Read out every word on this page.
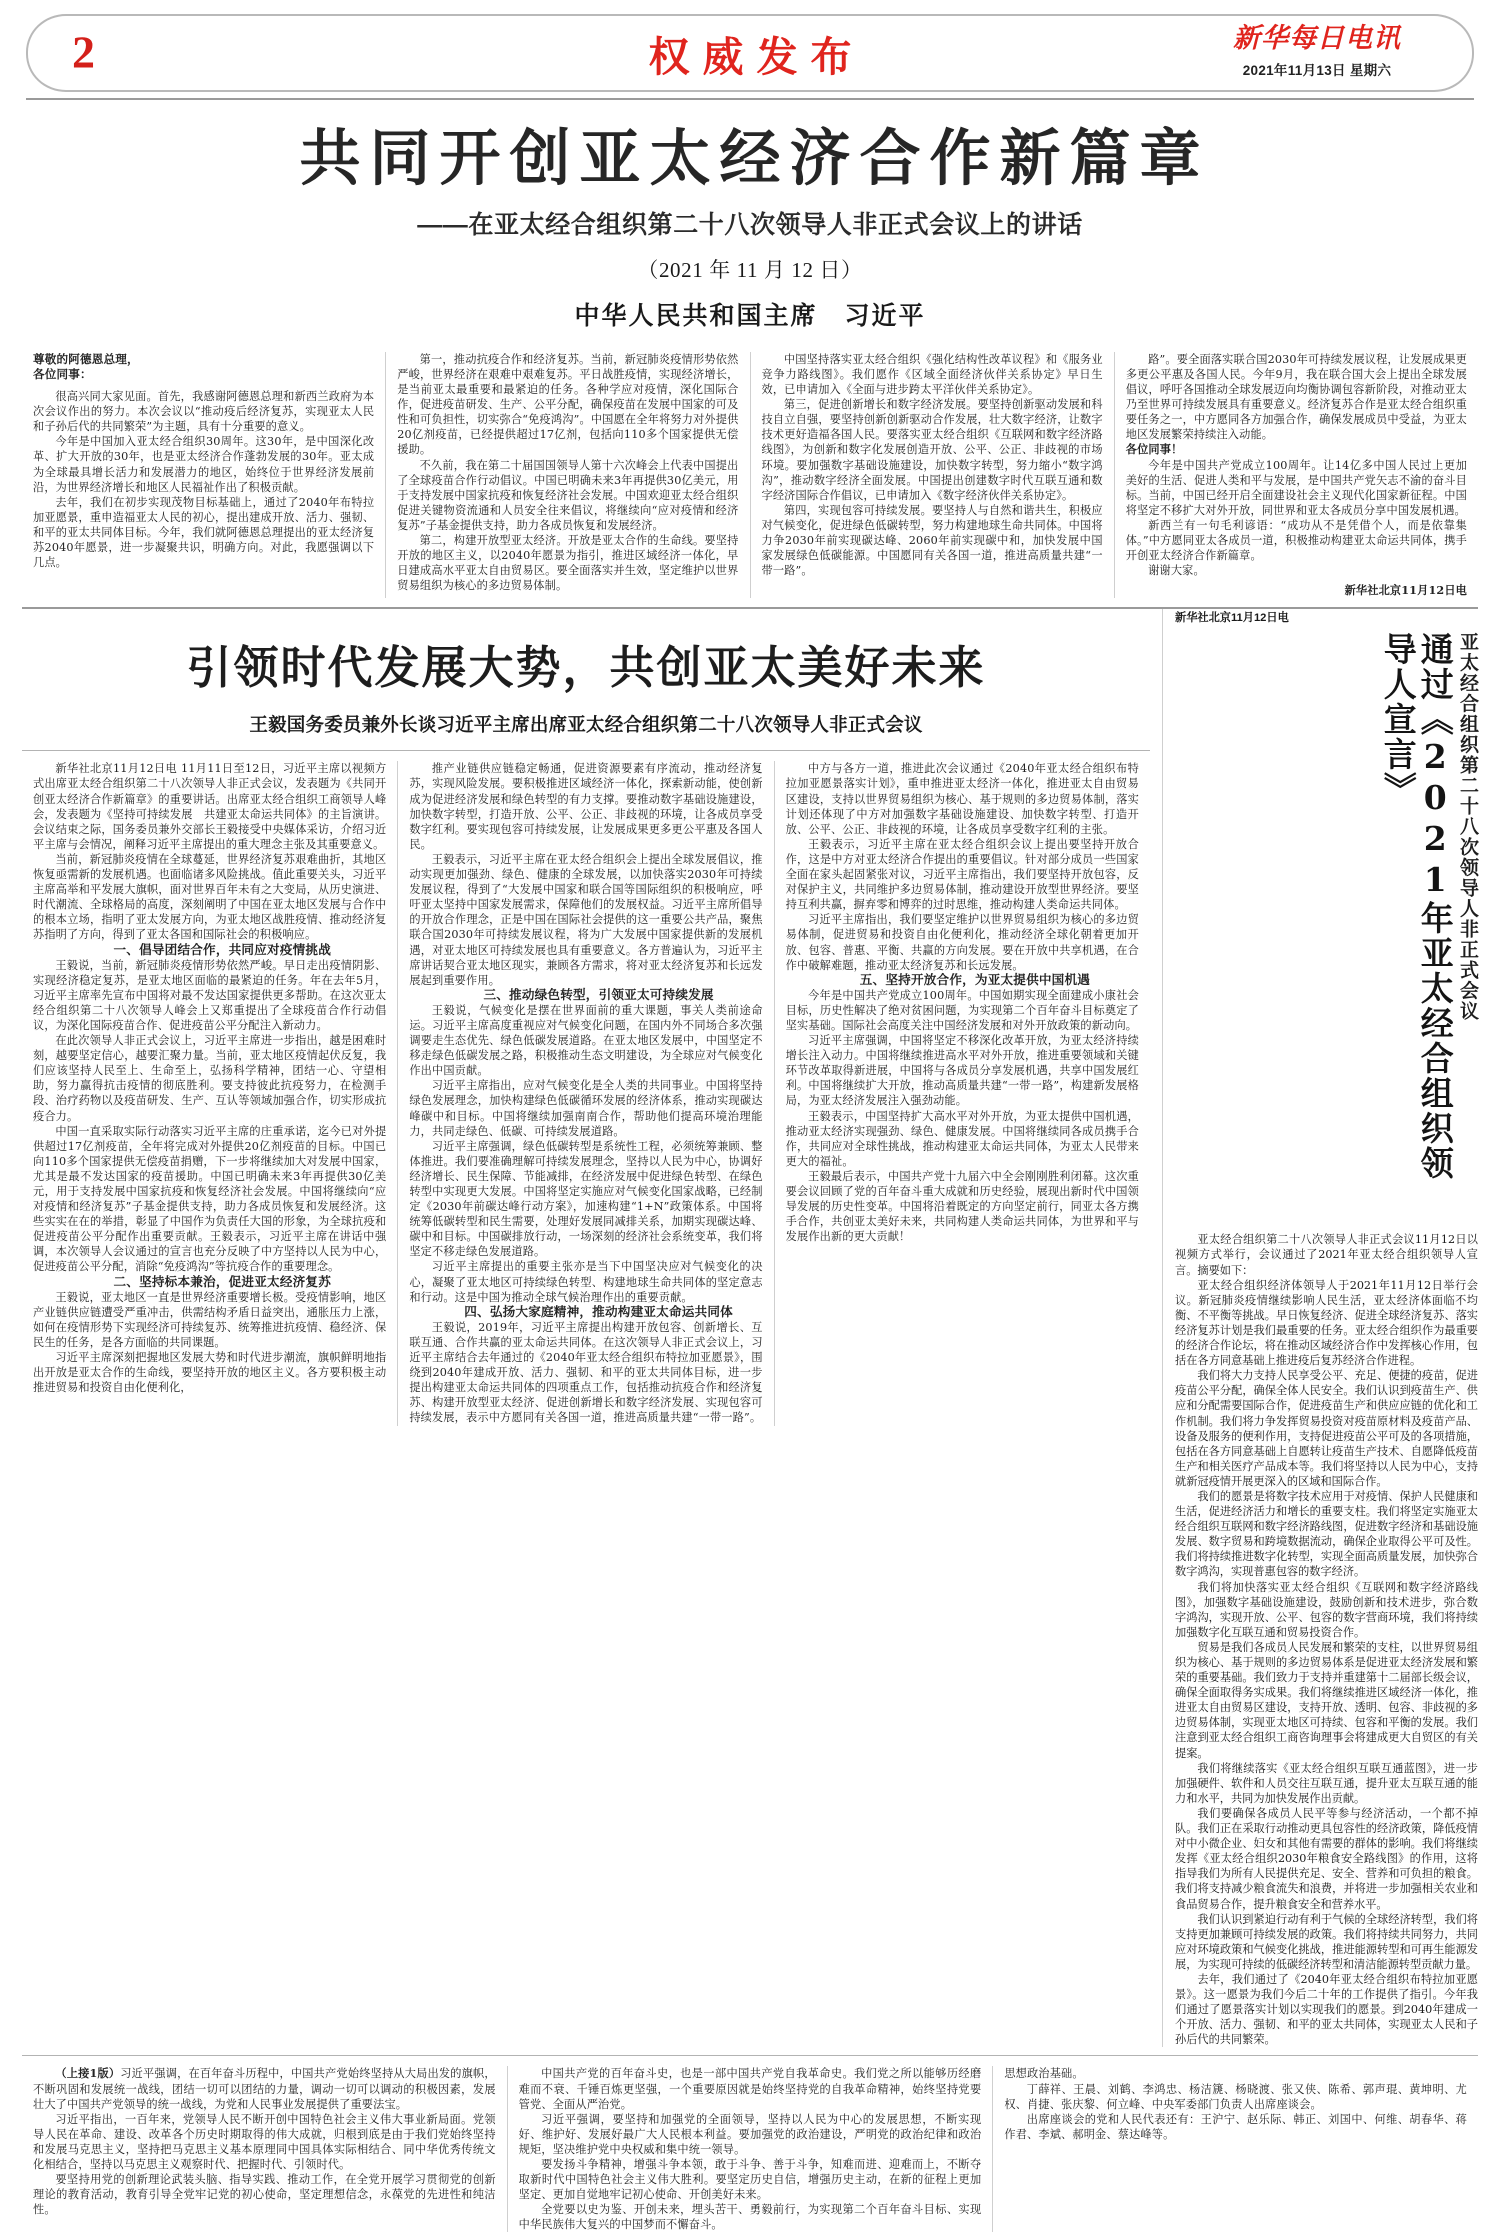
2	权威发布	新华每日电讯
2021年11月13日 星期六
共同开创亚太经济合作新篇章
——在亚太经合组织第二十八次领导人非正式会议上的讲话
（2021 年 11 月 12 日）
中华人民共和国主席　习近平

尊敬的阿德恩总理，

各位同事：

很高兴同大家见面。首先，我感谢阿德恩总理和新西兰政府为本次会议作出的努力。本次会议以“推动疫后经济复苏，实现亚太人民和子孙后代的共同繁荣”为主题，具有十分重要的意义。

今年是中国加入亚太经合组织30周年。这30年，是中国深化改革、扩大开放的30年，也是亚太经济合作蓬勃发展的30年。亚太成为全球最具增长活力和发展潜力的地区，始终位于世界经济发展前沿，为世界经济增长和地区人民福祉作出了积极贡献。

去年，我们在初步实现茂物目标基础上，通过了2040年布特拉加亚愿景，重申造福亚太人民的初心，提出建成开放、活力、强韧、和平的亚太共同体目标。今年，我们就阿德恩总理提出的亚太经济复苏2040年愿景，进一步凝聚共识，明确方向。对此，我愿强调以下几点。

第一，推动抗疫合作和经济复苏。当前，新冠肺炎疫情形势依然严峻，世界经济在艰难中艰难复苏。平日战胜疫情，实现经济增长，是当前亚太最重要和最紧迫的任务。各种学应对疫情，深化国际合作，促进疫苗研发、生产、公平分配，确保疫苗在发展中国家的可及性和可负担性，切实弥合“免疫鸿沟”。中国愿在全年将努力对外提供20亿剂疫苗，已经提供超过17亿剂，包括向110多个国家提供无偿援助。

不久前，我在第二十届国国领导人第十六次峰会上代表中国提出了全球疫苗合作行动倡议。中国已明确未来3年再提供30亿美元，用于支持发展中国家抗疫和恢复经济社会发展。中国欢迎亚太经合组织促进关键物资流通和人员安全往来倡议，将继续向“应对疫情和经济复苏”子基金提供支持，助力各成员恢复和发展经济。

第二，构建开放型亚太经济。开放是亚太合作的生命线。要坚持开放的地区主义，以2040年愿景为指引，推进区域经济一体化，早日建成高水平亚太自由贸易区。要全面落实并生效，坚定维护以世界贸易组织为核心的多边贸易体制。

中国坚持落实亚太经合组织《强化结构性改革议程》和《服务业竞争力路线图》。我们愿作《区域全面经济伙伴关系协定》早日生效，已申请加入《全面与进步跨太平洋伙伴关系协定》。

第三，促进创新增长和数字经济发展。要坚持创新驱动发展和科技自立自强，要坚持创新创新驱动合作发展，壮大数字经济，让数字技术更好造福各国人民。要落实亚太经合组织《互联网和数字经济路线图》，为创新和数字化发展创造开放、公平、公正、非歧视的市场环境。要加强数字基础设施建设，加快数字转型，努力缩小“数字鸿沟”，推动数字经济全面发展。中国提出创建数字时代互联互通和数字经济国际合作倡议，已申请加入《数字经济伙伴关系协定》。

第四，实现包容可持续发展。要坚持人与自然和谐共生，积极应对气候变化，促进绿色低碳转型，努力构建地球生命共同体。中国将力争2030年前实现碳达峰、2060年前实现碳中和，加快发展中国家发展绿色低碳能源。中国愿同有关各国一道，推进高质量共建“一带一路”。

路”。要全面落实联合国2030年可持续发展议程，让发展成果更多更公平惠及各国人民。今年9月，我在联合国大会上提出全球发展倡议，呼吁各国推动全球发展迈向均衡协调包容新阶段，对推动亚太乃至世界可持续发展具有重要意义。经济复苏合作是亚太经合组织重要任务之一，中方愿同各方加强合作，确保发展成员中受益，为亚太地区发展繁荣持续注入动能。

各位同事！

今年是中国共产党成立100周年。让14亿多中国人民过上更加美好的生活、促进人类和平与发展，是中国共产党矢志不渝的奋斗目标。当前，中国已经开启全面建设社会主义现代化国家新征程。中国将坚定不移扩大对外开放，同世界和亚太各成员分享中国发展机遇。

新西兰有一句毛利谚语：“成功从不是凭借个人，而是依靠集体。”中方愿同亚太各成员一道，积极推动构建亚太命运共同体，携手开创亚太经济合作新篇章。

谢谢大家。

新华社北京11月12日电

引领时代发展大势，共创亚太美好未来
王毅国务委员兼外长谈习近平主席出席亚太经合组织第二十八次领导人非正式会议

新华社北京11月12日电 11月11日至12日，习近平主席以视频方式出席亚太经合组织第二十八次领导人非正式会议，发表题为《共同开创亚太经济合作新篇章》的重要讲话。出席亚太经合组织工商领导人峰会，发表题为《坚持可持续发展　共建亚太命运共同体》的主旨演讲。会议结束之际，国务委员兼外交部长王毅接受中央媒体采访，介绍习近平主席与会情况，阐释习近平主席提出的重大理念主张及其重要意义。

当前，新冠肺炎疫情在全球蔓延，世界经济复苏艰难曲折，其地区恢复亟需新的发展机遇。也面临诸多风险挑战。值此重要关头，习近平主席高举和平发展大旗帜，面对世界百年未有之大变局，从历史演进、时代潮流、全球格局的高度，深刻阐明了中国在亚太地区发展与合作中的根本立场，指明了亚太发展方向，为亚太地区战胜疫情、推动经济复苏指明了方向，得到了亚太各国和国际社会的积极响应。

一、倡导团结合作，共同应对疫情挑战

王毅说，当前，新冠肺炎疫情形势依然严峻。早日走出疫情阴影、实现经济稳定复苏，是亚太地区面临的最紧迫的任务。年在去年5月，习近平主席率先宣布中国将对最不发达国家提供更多帮助。在这次亚太经合组织第二十八次领导人峰会上又郑重提出了全球疫苗合作行动倡议，为深化国际疫苗合作、促进疫苗公平分配注入新动力。

在此次领导人非正式会议上，习近平主席进一步指出，越是困难时刻，越要坚定信心，越要汇聚力量。当前，亚太地区疫情起伏反复，我们应该坚持人民至上、生命至上，弘扬科学精神，团结一心、守望相助，努力赢得抗击疫情的彻底胜利。要支持彼此抗疫努力，在检测手段、治疗药物以及疫苗研发、生产、互认等领域加强合作，切实形成抗疫合力。

中国一直采取实际行动落实习近平主席的庄重承诺，迄今已对外提供超过17亿剂疫苗，全年将完成对外提供20亿剂疫苗的目标。中国已向110多个国家提供无偿疫苗捐赠，下一步将继续加大对发展中国家，尤其是最不发达国家的疫苗援助。中国已明确未来3年再提供30亿美元，用于支持发展中国家抗疫和恢复经济社会发展。中国将继续向“应对疫情和经济复苏”子基金提供支持，助力各成员恢复和发展经济。这些实实在在的举措，彰显了中国作为负责任大国的形象，为全球抗疫和促进疫苗公平分配作出重要贡献。王毅表示，习近平主席在讲话中强调，本次领导人会议通过的宣言也充分反映了中方坚持以人民为中心，促进疫苗公平分配，消除“免疫鸿沟”等抗疫合作的重要理念。

二、坚持标本兼治，促进亚太经济复苏

王毅说，亚太地区一直是世界经济重要增长极。受疫情影响，地区产业链供应链遭受严重冲击，供需结构矛盾日益突出，通胀压力上涨，如何在疫情形势下实现经济可持续复苏、统筹推进抗疫情、稳经济、保民生的任务，是各方面临的共同课题。

习近平主席深刻把握地区发展大势和时代进步潮流，旗帜鲜明地指出开放是亚太合作的生命线，要坚持开放的地区主义。各方要积极主动推进贸易和投资自由化便利化，

推产业链供应链稳定畅通，促进资源要素有序流动，推动经济复苏，实现风险发展。要积极推进区域经济一体化，探索新动能，使创新成为促进经济发展和绿色转型的有力支撑。要推动数字基础设施建设，加快数字转型，打造开放、公平、公正、非歧视的环境，让各成员享受数字红利。要实现包容可持续发展，让发展成果更多更公平惠及各国人民。

王毅表示，习近平主席在亚太经合组织会上提出全球发展倡议，推动实现更加强劲、绿色、健康的全球发展，以加快落实2030年可持续发展议程，得到了“大发展中国家和联合国等国际组织的积极响应，呼吁亚太坚持中国家发展需求，保障他们的发展权益。习近平主席所倡导的开放合作理念，正是中国在国际社会提供的这一重要公共产品，聚焦联合国2030年可持续发展议程，将为广大发展中国家提供新的发展机遇，对亚太地区可持续发展也具有重要意义。各方普遍认为，习近平主席讲话契合亚太地区现实，兼顾各方需求，将对亚太经济复苏和长远发展起到重要作用。

三、推动绿色转型，引领亚太可持续发展

王毅说，气候变化是摆在世界面前的重大课题，事关人类前途命运。习近平主席高度重视应对气候变化问题，在国内外不同场合多次强调要走生态优先、绿色低碳发展道路。在亚太地区发展中，中国坚定不移走绿色低碳发展之路，积极推动生态文明建设，为全球应对气候变化作出中国贡献。

习近平主席指出，应对气候变化是全人类的共同事业。中国将坚持绿色发展理念，加快构建绿色低碳循环发展的经济体系，推动实现碳达峰碳中和目标。中国将继续加强南南合作，帮助他们提高环境治理能力，共同走绿色、低碳、可持续发展道路。

习近平主席强调，绿色低碳转型是系统性工程，必须统筹兼顾、整体推进。我们要准确理解可持续发展理念，坚持以人民为中心，协调好经济增长、民生保障、节能减排，在经济发展中促进绿色转型、在绿色转型中实现更大发展。中国将坚定实施应对气候变化国家战略，已经制定《2030年前碳达峰行动方案》，加速构建“1+N”政策体系。中国将统筹低碳转型和民生需要，处理好发展同减排关系，加期实现碳达峰、碳中和目标。中国碳排放行动，一场深刻的经济社会系统变革，我们将坚定不移走绿色发展道路。

习近平主席提出的重要主张亦是当下中国坚决应对气候变化的决心，凝聚了亚太地区可持续绿色转型、构建地球生命共同体的坚定意志和行动。这是中国为推动全球气候治理作出的重要贡献。

四、弘扬大家庭精神，推动构建亚太命运共同体

王毅说，2019年，习近平主席提出构建开放包容、创新增长、互联互通、合作共赢的亚太命运共同体。在这次领导人非正式会议上，习近平主席结合去年通过的《2040年亚太经合组织布特拉加亚愿景》，围绕到2040年建成开放、活力、强韧、和平的亚太共同体目标，进一步提出构建亚太命运共同体的四项重点工作，包括推动抗疫合作和经济复苏、构建开放型亚太经济、促进创新增长和数字经济发展、实现包容可持续发展，表示中方愿同有关各国一道，推进高质量共建“一带一路”。

中方与各方一道，推进此次会议通过《2040年亚太经合组织布特拉加亚愿景落实计划》，重申推进亚太经济一体化，推进亚太自由贸易区建设，支持以世界贸易组织为核心、基于规则的多边贸易体制，落实计划还体现了中方对加强数字基础设施建设、加快数字转型、打造开放、公平、公正、非歧视的环境，让各成员享受数字红利的主张。

王毅表示，习近平主席在亚太经合组织会议上提出要坚持开放合作，这是中方对亚太经济合作提出的重要倡议。针对部分成员一些国家全面在家头起固紧张对议，习近平主席指出，我们要坚持开放包容，反对保护主义，共同维护多边贸易体制，推动建设开放型世界经济。要坚持互利共赢，摒弃零和博弈的过时思维，推动构建人类命运共同体。

习近平主席指出，我们要坚定维护以世界贸易组织为核心的多边贸易体制，促进贸易和投资自由化便利化，推动经济全球化朝着更加开放、包容、普惠、平衡、共赢的方向发展。要在开放中共享机遇，在合作中破解难题，推动亚太经济复苏和长远发展。

五、坚持开放合作，为亚太提供中国机遇

今年是中国共产党成立100周年。中国如期实现全面建成小康社会目标，历史性解决了绝对贫困问题，为实现第二个百年奋斗目标奠定了坚实基础。国际社会高度关注中国经济发展和对外开放政策的新动向。

习近平主席强调，中国将坚定不移深化改革开放，为亚太经济持续增长注入动力。中国将继续推进高水平对外开放，推进重要领域和关键环节改革取得新进展，中国将与各成员分享发展机遇，共享中国发展红利。中国将继续扩大开放，推动高质量共建“一带一路”，构建新发展格局，为亚太经济发展注入强劲动能。

王毅表示，中国坚持扩大高水平对外开放，为亚太提供中国机遇，推动亚太经济实现强劲、绿色、健康发展。中国将继续同各成员携手合作，共同应对全球性挑战，推动构建亚太命运共同体，为亚太人民带来更大的福祉。

王毅最后表示，中国共产党十九届六中全会刚刚胜利闭幕。这次重要会议回顾了党的百年奋斗重大成就和历史经验，展现出新时代中国领导发展的历史性变革。中国将沿着既定的方向坚定前行，同亚太各方携手合作，共创亚太美好未来，共同构建人类命运共同体，为世界和平与发展作出新的更大贡献！

新华社北京11月12日电
亚太经合组织第二十八次领导人非正式会议
通过《2021年亚太经合组织领导人宣言》

亚太经合组织第二十八次领导人非正式会议11月12日以视频方式举行，会议通过了2021年亚太经合组织领导人宣言。摘要如下：

亚太经合组织经济体领导人于2021年11月12日举行会议。新冠肺炎疫情继续影响人民生活，亚太经济体面临不均衡、不平衡等挑战。早日恢复经济、促进全球经济复苏、落实经济复苏计划是我们最重要的任务。亚太经合组织作为最重要的经济合作论坛，将在推动区域经济合作中发挥核心作用，包括在各方同意基础上推进疫后复苏经济合作进程。

我们将大力支持人民享受公平、充足、便捷的疫苗，促进疫苗公平分配，确保全体人民安全。我们认识到疫苗生产、供应和分配需要国际合作，促进疫苗生产和供应应链的优化和工作机制。我们将力争发挥贸易投资对疫苗原材料及疫苗产品、设备及服务的便利作用，支持促进疫苗公平可及的各项措施，包括在各方同意基础上自愿转让疫苗生产技术、自愿降低疫苗生产和相关医疗产品成本等。我们将坚持以人民为中心，支持就新冠疫情开展更深入的区域和国际合作。

我们的愿景是将数字技术应用于对疫情、保护人民健康和生活，促进经济活力和增长的重要支柱。我们将坚定实施亚太经合组织互联网和数字经济路线图，促进数字经济和基础设施发展、数字贸易和跨境数据流动，确保企业取得公平可及性。我们将持续推进数字化转型，实现全面高质量发展，加快弥合数字鸿沟，实现普惠包容的数字经济。

我们将加快落实亚太经合组织《互联网和数字经济路线图》，加强数字基础设施建设，鼓励创新和技术进步，弥合数字鸿沟，实现开放、公平、包容的数字营商环境，我们将持续加强数字化互联互通和贸易投资合作。

贸易是我们各成员人民发展和繁荣的支柱，以世界贸易组织为核心、基于规则的多边贸易体系是促进亚太经济发展和繁荣的重要基础。我们致力于支持并重建第十二届部长级会议，确保全面取得务实成果。我们将继续推进区域经济一体化，推进亚太自由贸易区建设，支持开放、透明、包容、非歧视的多边贸易体制，实现亚太地区可持续、包容和平衡的发展。我们注意到亚太经合组织工商咨询理事会将建成更大自贸区的有关提案。

我们将继续落实《亚太经合组织互联互通蓝图》，进一步加强硬件、软件和人员交往互联互通，提升亚太互联互通的能力和水平，共同为加快发展作出贡献。

我们要确保各成员人民平等参与经济活动，一个都不掉队。我们正在采取行动推动更具包容性的经济政策，降低疫情对中小微企业、妇女和其他有需要的群体的影响。我们将继续发挥《亚太经合组织2030年粮食安全路线图》的作用，这将指导我们为所有人民提供充足、安全、营养和可负担的粮食。我们将支持减少粮食流失和浪费，并将进一步加强相关农业和食品贸易合作，提升粮食安全和营养水平。

我们认识到紧迫行动有利于气候的全球经济转型，我们将支持更加兼顾可持续发展的政策。我们将持续共同努力，共同应对环境政策和气候变化挑战，推进能源转型和可再生能源发展，为实现可持续的低碳经济转型和清洁能源转型贡献力量。

去年，我们通过了《2040年亚太经合组织布特拉加亚愿景》。这一愿景为我们今后二十年的工作提供了指引。今年我们通过了愿景落实计划以实现我们的愿景。到2040年建成一个开放、活力、强韧、和平的亚太共同体，实现亚太人民和子孙后代的共同繁荣。

（上接1版）习近平强调，在百年奋斗历程中，中国共产党始终坚持从大局出发的旗帜，不断巩固和发展统一战线，团结一切可以团结的力量，调动一切可以调动的积极因素，发展壮大了中国共产党领导的统一战线，为党和人民事业发展提供了重要法宝。

习近平指出，一百年来，党领导人民不断开创中国特色社会主义伟大事业新局面。党领导人民在革命、建设、改革各个历史时期取得的伟大成就，归根到底是由于我们党始终坚持和发展马克思主义，坚持把马克思主义基本原理同中国具体实际相结合、同中华优秀传统文化相结合，坚持以马克思主义观察时代、把握时代、引领时代。

要坚持用党的创新理论武装头脑、指导实践、推动工作，在全党开展学习贯彻党的创新理论的教育活动，教育引导全党牢记党的初心使命，坚定理想信念，永葆党的先进性和纯洁性。

中国共产党的百年奋斗史，也是一部中国共产党自我革命史。我们党之所以能够历经磨难而不衰、千锤百炼更坚强，一个重要原因就是始终坚持党的自我革命精神，始终坚持党要管党、全面从严治党。

习近平强调，要坚持和加强党的全面领导，坚持以人民为中心的发展思想，不断实现好、维护好、发展好最广大人民根本利益。要加强党的政治建设，严明党的政治纪律和政治规矩，坚决维护党中央权威和集中统一领导。

要发扬斗争精神，增强斗争本领，敢于斗争、善于斗争，知难而进、迎难而上，不断夺取新时代中国特色社会主义伟大胜利。要坚定历史自信，增强历史主动，在新的征程上更加坚定、更加自觉地牢记初心使命、开创美好未来。

全党要以史为鉴、开创未来，埋头苦干、勇毅前行，为实现第二个百年奋斗目标、实现中华民族伟大复兴的中国梦而不懈奋斗。

思想政治基础。

丁薛祥、王晨、刘鹤、李鸿忠、杨洁篪、杨晓渡、张又侠、陈希、郭声琨、黄坤明、尤权、肖捷、张庆黎、何立峰、中央军委部门负责人出席座谈会。

出席座谈会的党和人民代表还有：王沪宁、赵乐际、韩正、刘国中、何维、胡春华、蒋作君、李斌、郝明金、蔡达峰等。
